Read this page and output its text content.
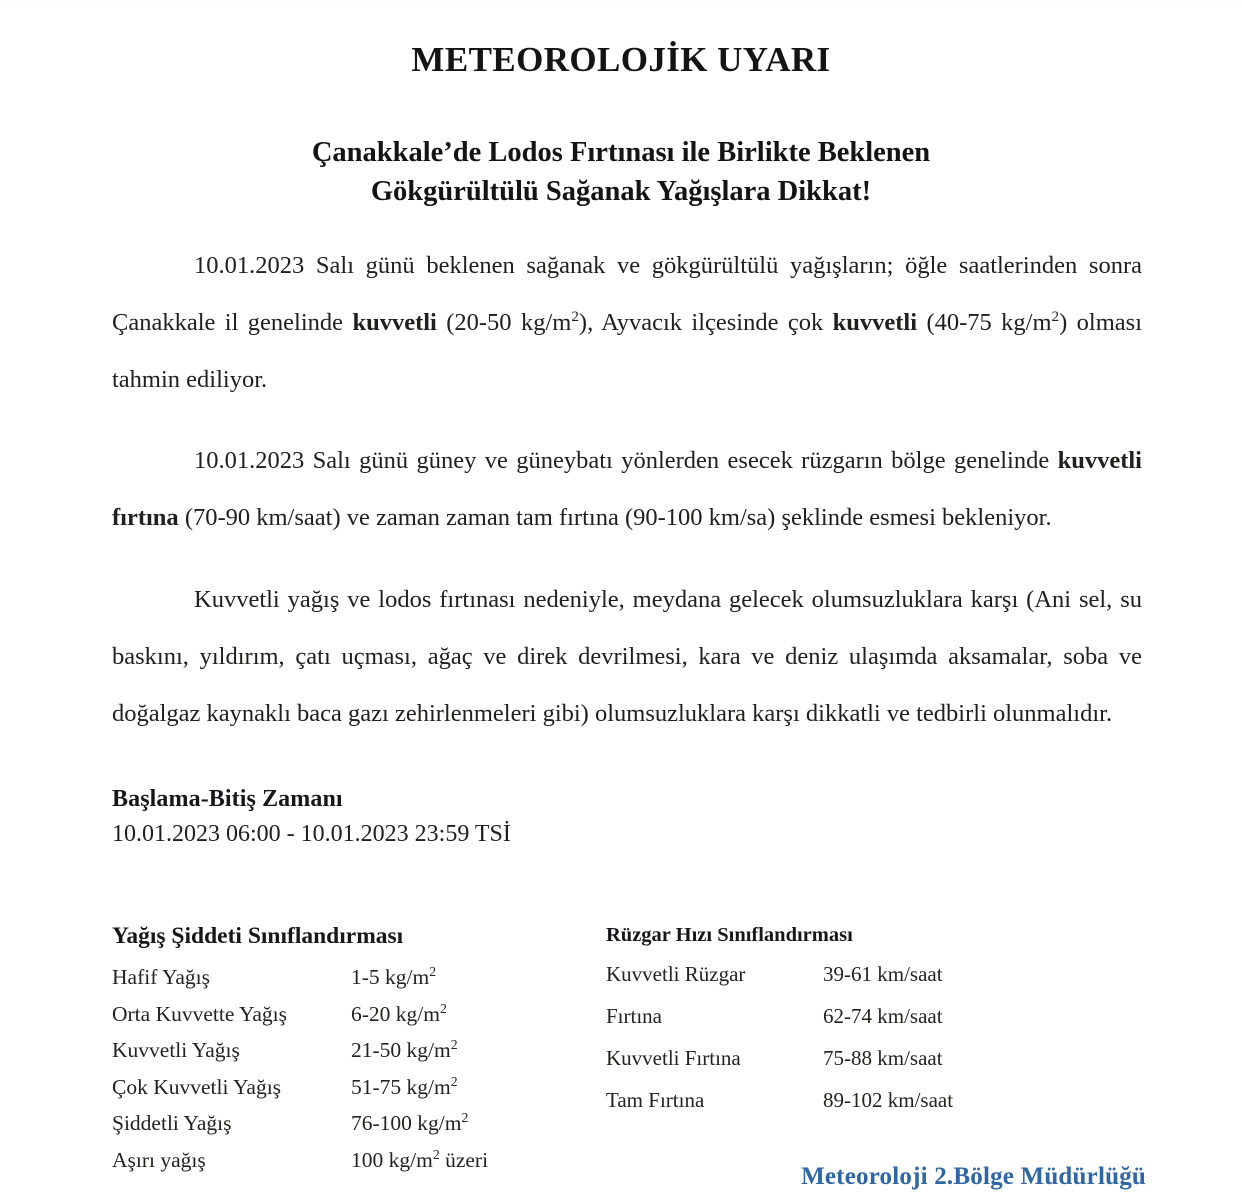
METEOROLOJİK UYARI
Çanakkale’de Lodos Fırtınası ile Birlikte Beklenen
Gökgürültülü Sağanak Yağışlara Dikkat!

10.01.2023 Salı günü beklenen sağanak ve gökgürültülü yağışların; öğle saatlerinden sonra Çanakkale il genelinde kuvvetli (20-50 $kg/m^2$), Ayvacık ilçesinde çok kuvvetli (40-75 $kg/m^2$) olması tahmin ediliyor.

10.01.2023 Salı günü güney ve güneybatı yönlerden esecek rüzgarın bölge genelinde kuvvetli fırtına (70-90 km/saat) ve zaman zaman tam fırtına (90-100 km/sa) şeklinde esmesi bekleniyor.

Kuvvetli yağış ve lodos fırtınası nedeniyle, meydana gelecek olumsuzluklara karşı (Ani sel, su baskını, yıldırım, çatı uçması, ağaç ve direk devrilmesi, kara ve deniz ulaşımda aksamalar, soba ve doğalgaz kaynaklı baca gazı zehirlenmeleri gibi) olumsuzluklara karşı dikkatli ve tedbirli olunmalıdır.

Başlama-Bitiş Zamanı
10.01.2023 06:00 - 10.01.2023 23:59 TSİ
Yağış Şiddeti Sınıflandırması
Hafif Yağış	1-5 $kg/m^2$
Orta Kuvvette Yağış	6-20 $kg/m^2$
Kuvvetli Yağış	21-50 $kg/m^2$
Çok Kuvvetli Yağış	51-75 $kg/m^2$
Şiddetli Yağış	76-100 $kg/m^2$
Aşırı yağış	100 $kg/m^2$ üzeri
Rüzgar Hızı Sınıflandırması
Kuvvetli Rüzgar	39-61 km/saat
Fırtına	62-74 km/saat
Kuvvetli Fırtına	75-88 km/saat
Tam Fırtına	89-102 km/saat
Meteoroloji 2.Bölge Müdürlüğü
